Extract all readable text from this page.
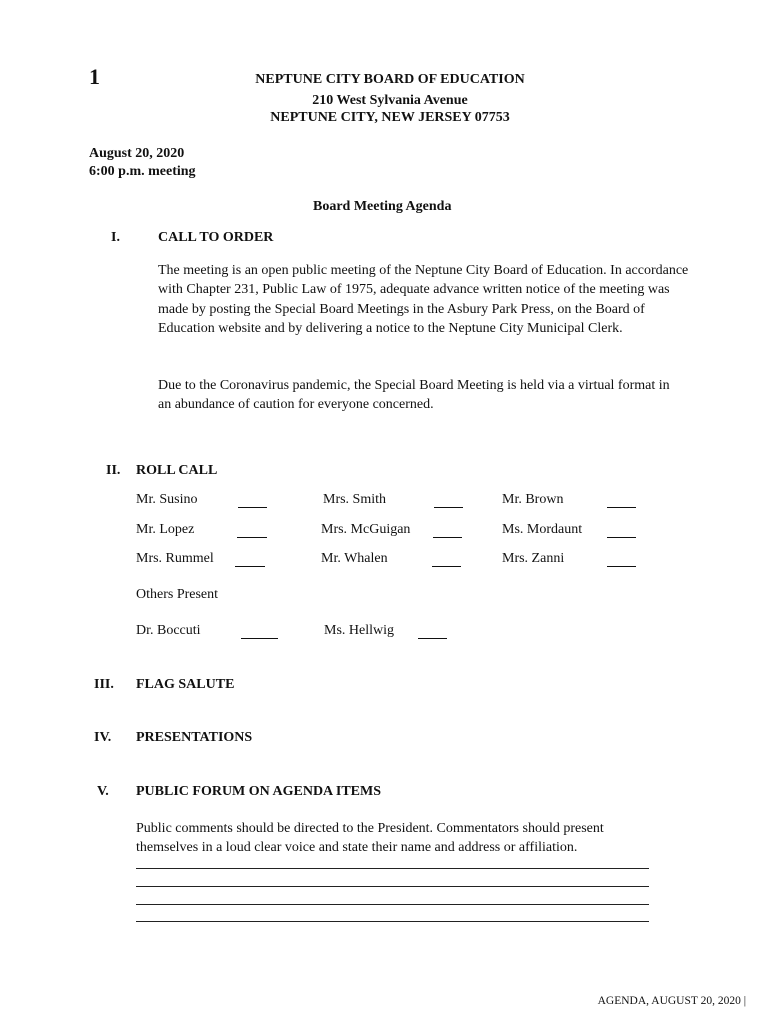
1	NEPTUNE CITY BOARD OF EDUCATION
210 West Sylvania Avenue
NEPTUNE CITY, NEW JERSEY 07753
August 20, 2020
6:00 p.m. meeting
Board Meeting Agenda
I.	CALL TO ORDER
The meeting is an open public meeting of the Neptune City Board of Education. In accordance with Chapter 231, Public Law of 1975, adequate advance written notice of the meeting was made by posting the Special Board Meetings in the Asbury Park Press, on the Board of Education website and by delivering a notice to the Neptune City Municipal Clerk.
Due to the Coronavirus pandemic, the Special Board Meeting is held via a virtual format in an abundance of caution for everyone concerned.
II. ROLL CALL
Mr. Susino	Mrs. Smith	Mr. Brown
Mr. Lopez	Mrs. McGuigan	Ms. Mordaunt
Mrs. Rummel	Mr. Whalen	Mrs. Zanni
Others Present
Dr. Boccuti	Ms. Hellwig
III. FLAG SALUTE
IV. PRESENTATIONS
V. PUBLIC FORUM ON AGENDA ITEMS
Public comments should be directed to the President. Commentators should present themselves in a loud clear voice and state their name and address or affiliation.
AGENDA, AUGUST 20, 2020 |
